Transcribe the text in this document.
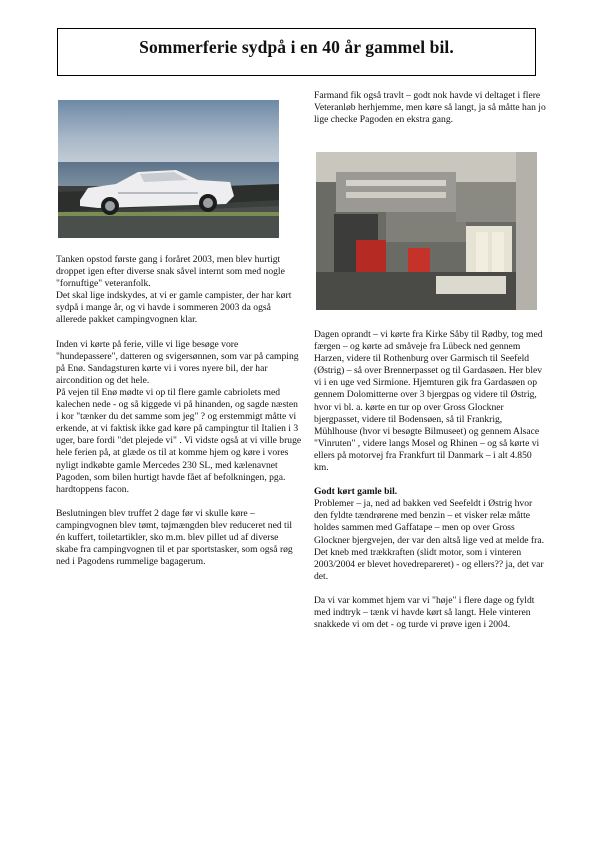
Sommerferie sydpå i en 40 år gammel bil.

Tanken opstod første gang i foråret 2003, men blev hurtigt droppet igen efter diverse snak såvel internt som med nogle "fornuftige" veteranfolk.

Det skal lige indskydes, at vi er gamle campister, der har kørt sydpå i mange år, og vi havde i sommeren 2003 da også allerede pakket campingvognen klar.

Inden vi kørte på ferie, ville vi lige besøge vore "hundepassere", datteren og svigersønnen, som var på camping på Enø. Sandagsturen kørte vi i vores nyere bil, der har aircondition og det hele.

På vejen til Enø mødte vi op til flere gamle cabriolets med kalechen nede - og så kiggede vi på hinanden, og sagde næsten i kor "tænker du det samme som jeg" ? og erstemmigt måtte vi erkende, at vi faktisk ikke gad køre på campingtur til Italien i 3 uger, bare fordi "det plejede vi" . Vi vidste også at vi ville bruge hele ferien på, at glæde os til at komme hjem og køre i vores nyligt indkøbte gamle Mercedes 230 SL, med kælenavnet Pagoden, som bilen hurtigt havde fået af befolkningen, pga. hardtoppens facon.

Beslutningen blev truffet 2 dage før vi skulle køre – campingvognen blev tømt, tøjmængden blev reduceret ned til én kuffert, toiletartikler, sko m.m. blev pillet ud af diverse skabe fra campingvognen til et par sportstasker, som også røg ned i Pagodens rummelige bagagerum.

Farmand fik også travlt – godt nok havde vi deltaget i flere Veteranløb herhjemme, men køre så langt, ja så måtte han jo lige checke Pagoden en ekstra gang.

Dagen oprandt – vi kørte fra Kirke Såby til Rødby, tog med færgen – og kørte ad småveje fra Lübeck ned gennem Harzen, videre til Rothenburg over Garmisch til Seefeld (Østrig) – så over Brennerpasset og til Gardasøen. Her blev vi i en uge ved Sirmione. Hjemturen gik fra Gardasøen op gennem Dolomitterne over 3 bjergpas og videre til Østrig, hvor vi bl. a. kørte en tur op over Gross Glockner bjergpasset, videre til Bodensøen, så til Frankrig, Mühlhouse (hvor vi besøgte Bilmuseet) og gennem Alsace "Vinruten" , videre langs Mosel og Rhinen – og så kørte vi ellers på motorvej fra Frankfurt til Danmark – i alt 4.850 km.

Godt kørt gamle bil.

Problemer – ja, ned ad bakken ved Seefeldt i Østrig hvor den fyldte tændrørene med benzin – et visker relæ måtte holdes sammen med Gaffatape – men op over Gross Glockner bjergvejen, der var den altså lige ved at melde fra. Det kneb med trækkraften (slidt motor, som i vinteren 2003/2004 er blevet hovedrepareret) - og ellers?? ja, det var det.

Da vi var kommet hjem var vi "høje" i flere dage og fyldt med indtryk – tænk vi havde kørt så langt. Hele vinteren snakkede vi om det - og turde vi prøve igen i 2004.
